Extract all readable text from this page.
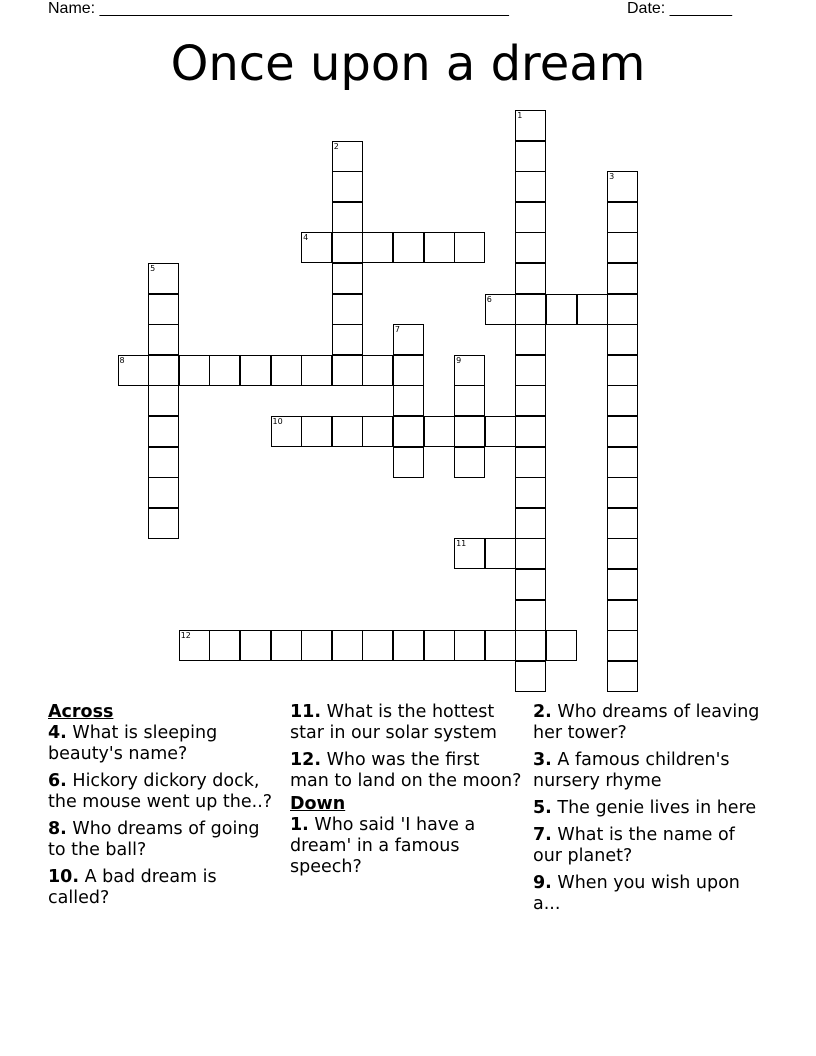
Name: ______________________________________________	Date: _______
Once upon a dream
1
2
3
4
5
6
7
8	9
10
11
12
Across
4. What is sleeping beauty's name?
6. Hickory dickory dock, the mouse went up the..?
8. Who dreams of going to the ball?
10. A bad dream is called?
11. What is the hottest star in our solar system
12. Who was the first man to land on the moon?
Down
1. Who said 'I have a dream' in a famous speech?
2. Who dreams of leaving her tower?
3. A famous children's nursery rhyme
5. The genie lives in here
7. What is the name of our planet?
9. When you wish upon a...
